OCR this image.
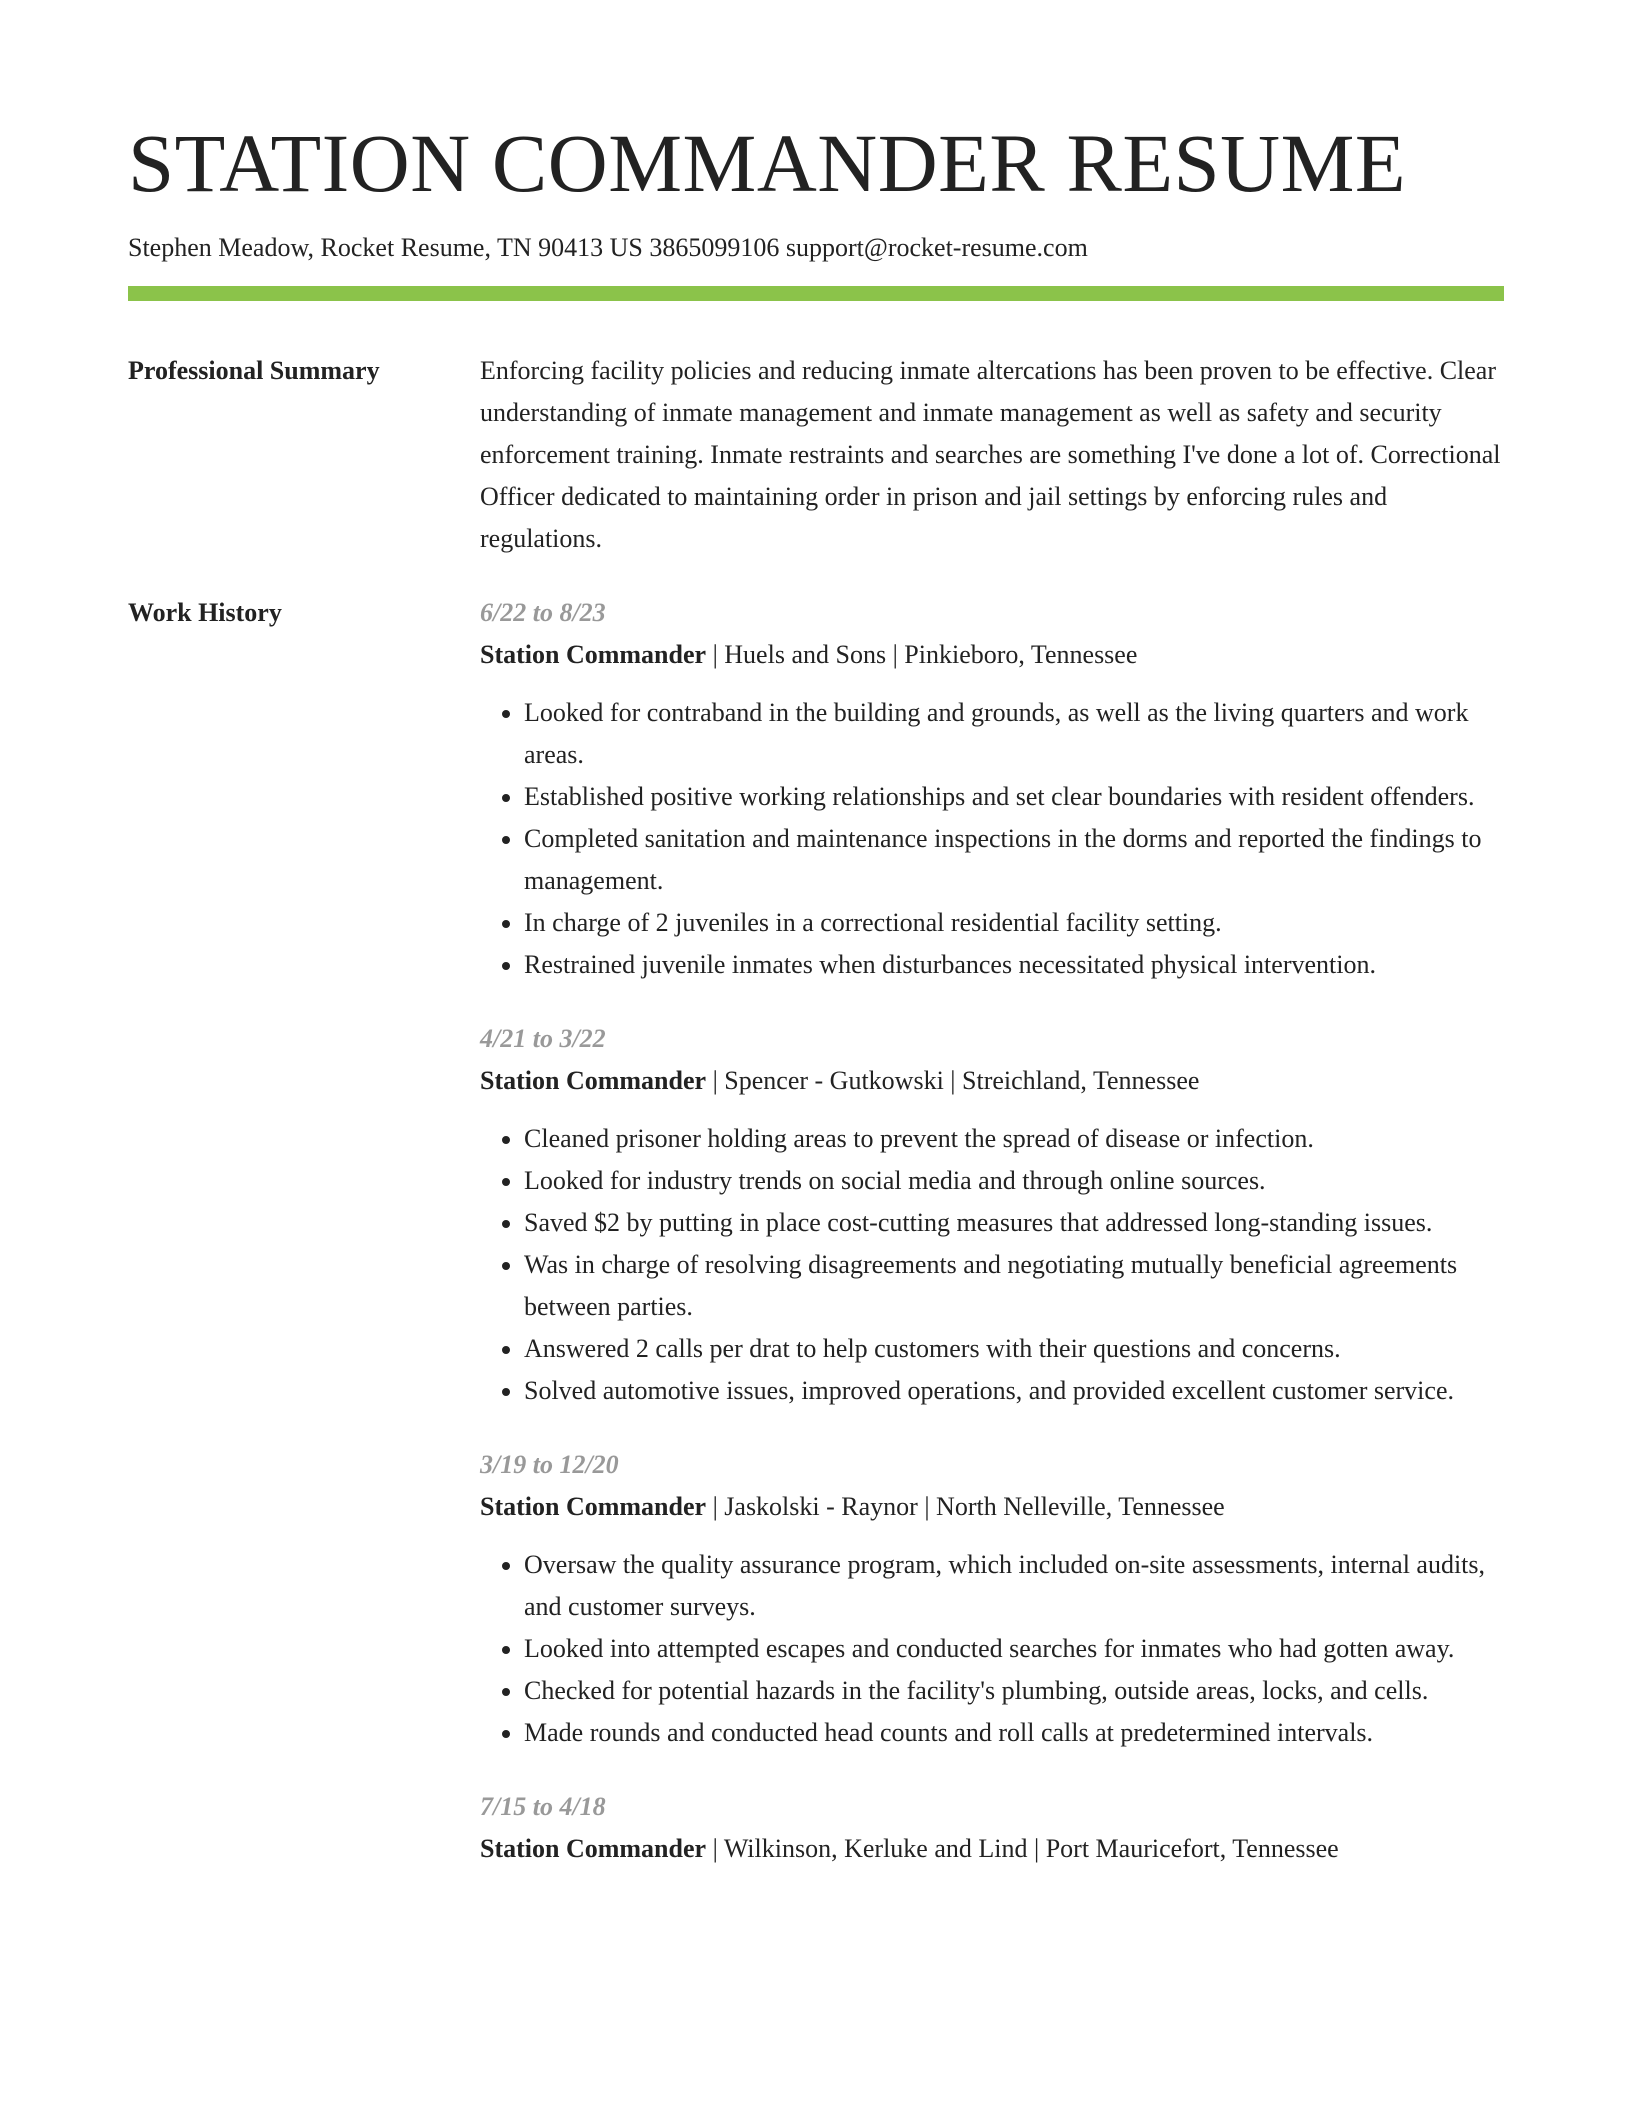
STATION COMMANDER RESUME
Stephen Meadow, Rocket Resume, TN 90413 US 3865099106 support@rocket-resume.com
Professional Summary	Enforcing facility policies and reducing inmate altercations has been proven to be effective. Clear understanding of inmate management and inmate management as well as safety and security enforcement training. Inmate restraints and searches are something I've done a lot of. Correctional Officer dedicated to maintaining order in prison and jail settings by enforcing rules and regulations.
Work History	6/22 to 8/23
Station Commander | Huels and Sons | Pinkieboro, Tennessee
• Looked for contraband in the building and grounds, as well as the living quarters and work areas.
• Established positive working relationships and set clear boundaries with resident offenders.
• Completed sanitation and maintenance inspections in the dorms and reported the findings to management.
• In charge of 2 juveniles in a correctional residential facility setting.
• Restrained juvenile inmates when disturbances necessitated physical intervention.
4/21 to 3/22
Station Commander | Spencer - Gutkowski | Streichland, Tennessee
• Cleaned prisoner holding areas to prevent the spread of disease or infection.
• Looked for industry trends on social media and through online sources.
• Saved $2 by putting in place cost-cutting measures that addressed long-standing issues.
• Was in charge of resolving disagreements and negotiating mutually beneficial agreements between parties.
• Answered 2 calls per drat to help customers with their questions and concerns.
• Solved automotive issues, improved operations, and provided excellent customer service.
3/19 to 12/20
Station Commander | Jaskolski - Raynor | North Nelleville, Tennessee
• Oversaw the quality assurance program, which included on-site assessments, internal audits, and customer surveys.
• Looked into attempted escapes and conducted searches for inmates who had gotten away.
• Checked for potential hazards in the facility's plumbing, outside areas, locks, and cells.
• Made rounds and conducted head counts and roll calls at predetermined intervals.
7/15 to 4/18
Station Commander | Wilkinson, Kerluke and Lind | Port Mauricefort, Tennessee
